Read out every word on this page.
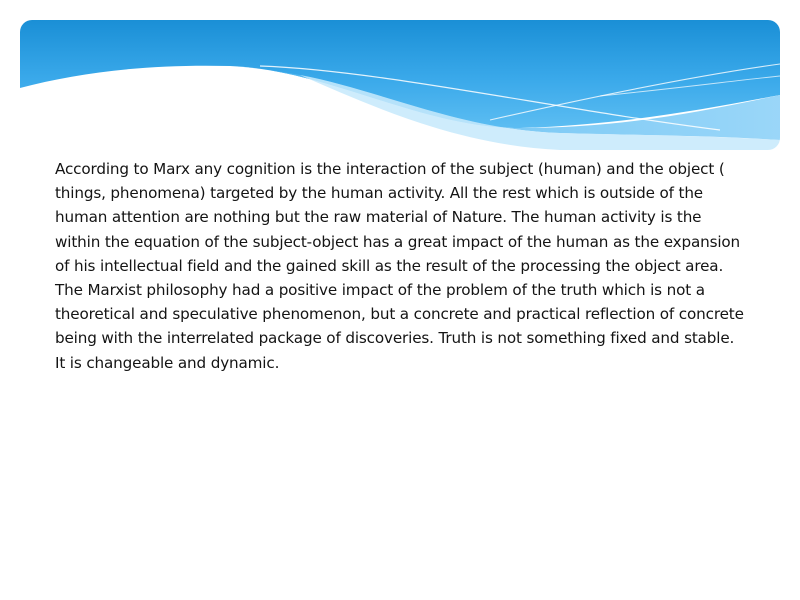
According to Marx any cognition is the interaction of the subject (human) and the object ( things, phenomena) targeted by the human activity. All the rest which is outside of the human attention are nothing but the raw material of Nature. The human activity is the within the equation of the subject-object has a great impact of the human as the expansion of his intellectual field and the gained skill as the result of the processing the object area.

The Marxist philosophy had a positive impact of the problem of the truth which is not a theoretical and speculative phenomenon, but a concrete and practical reflection of concrete being with the interrelated package of discoveries. Truth is not something fixed and stable. It is changeable and dynamic.
